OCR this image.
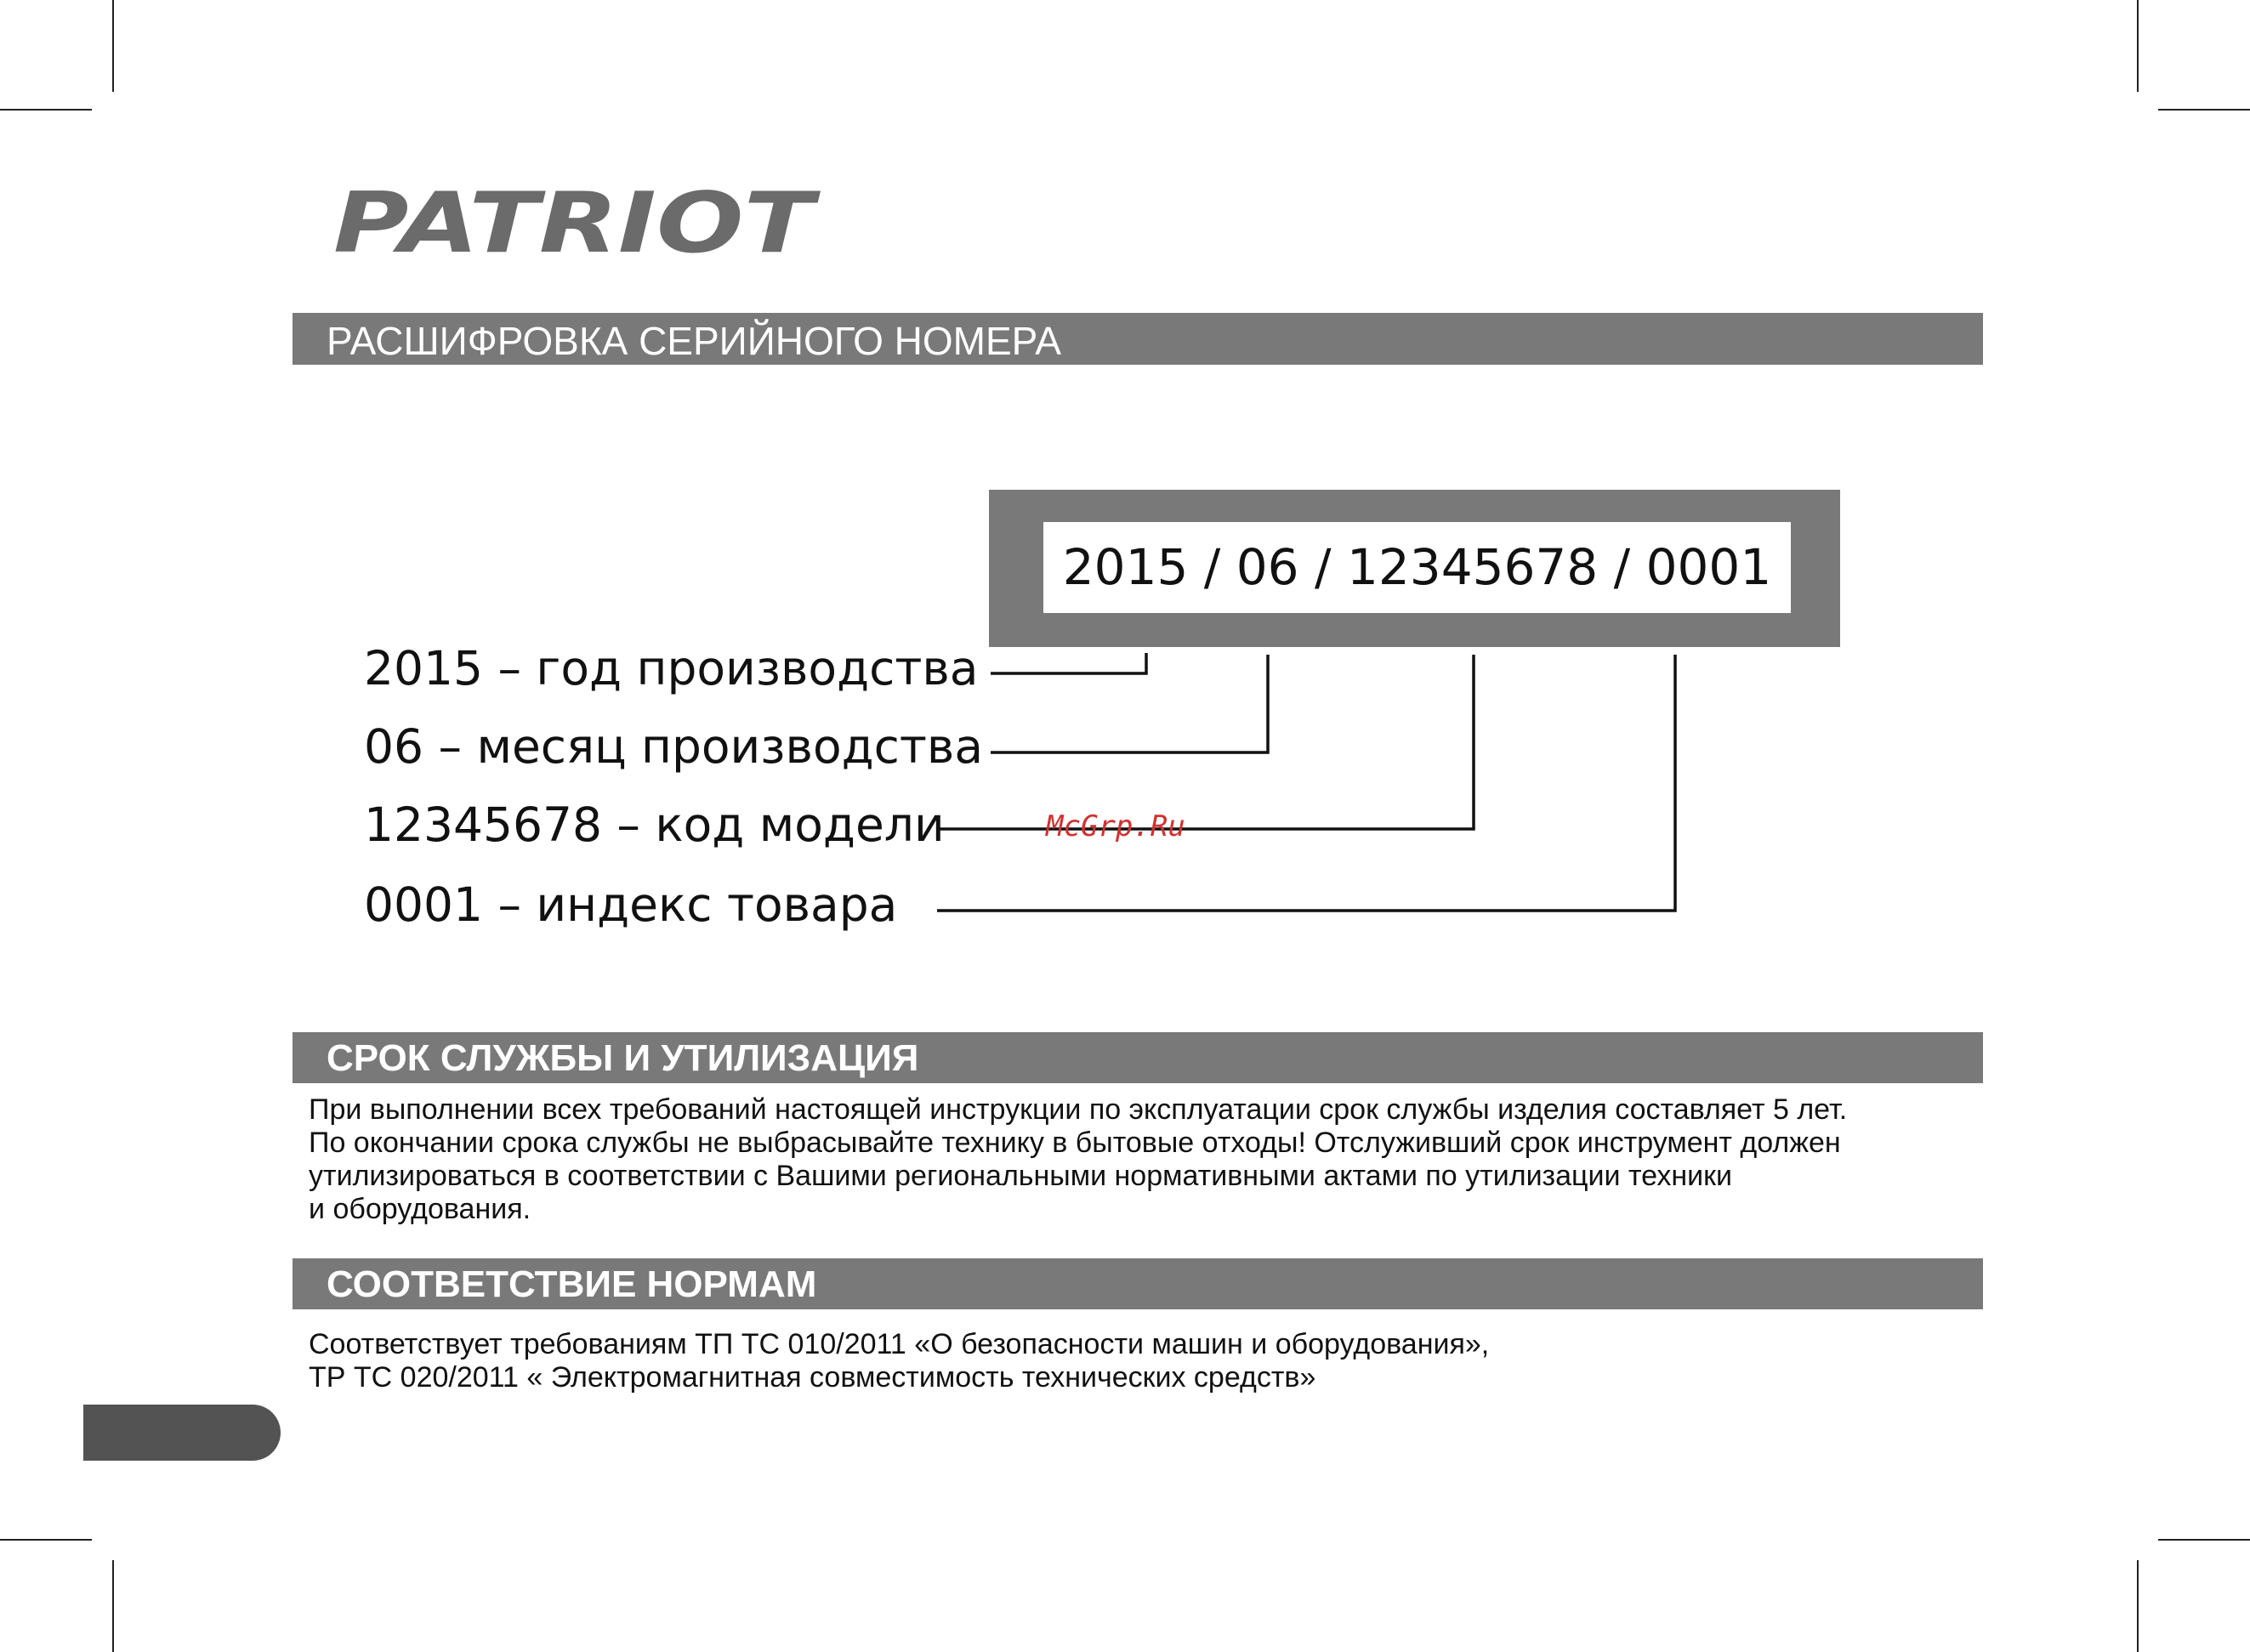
PATRIOT
РАСШИФРОВКА СЕРИЙНОГО НОМЕРА
2015 / 06 / 12345678 / 0001
2015 – год производства
06 – месяц производства
12345678 – код модели
0001 – индекс товара
McGrp.Ru
СРОК СЛУЖБЫ И УТИЛИЗАЦИЯ
При выполнении всех требований настоящей инструкции по эксплуатации срок службы изделия составляет 5 лет.
По окончании срока службы не выбрасывайте технику в бытовые отходы! Отслуживший срок инструмент должен
утилизироваться в соответствии с Вашими региональными нормативными актами по утилизации техники
и оборудования.
СООТВЕТСТВИЕ НОРМАМ
Соответствует требованиям ТП ТС 010/2011 «О безопасности машин и оборудования»,
ТР ТС 020/2011 « Электромагнитная совместимость технических средств»
